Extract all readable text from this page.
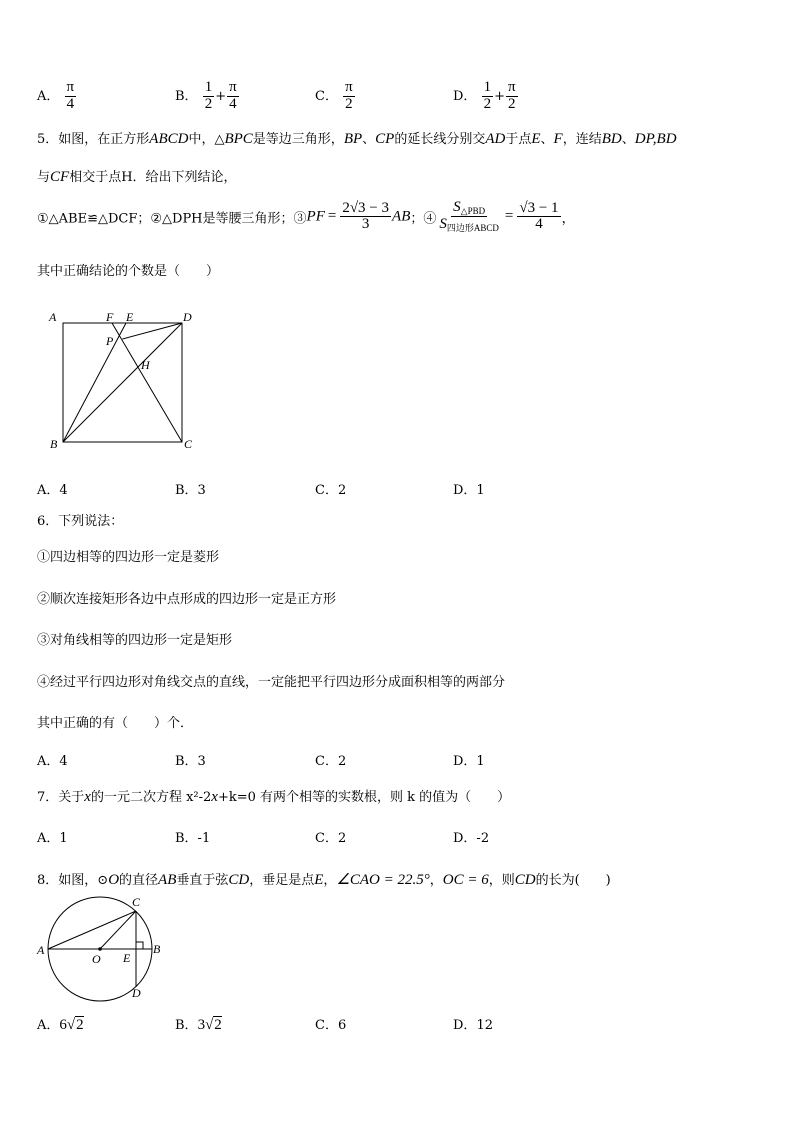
A． $\frac{\pi}{4}$	B． $\frac{1}{2} + \frac{\pi}{4}$	C． $\frac{\pi}{2}$	D． $\frac{1}{2} + \frac{\pi}{2}$
5．如图，在正方形ABCD中，△BPC是等边三角形，BP、CP的延长线分别交AD于点E、F，连结BD、DP,BD
与CF相交于点H．给出下列结论，
①△ABE≌△DCF；②△DPH是等腰三角形；③PF = $\frac{2√3 - 3}{3}$ AB；④ $\frac{S_{\triangle PBD}}{S_{四边形ABCD}} = \frac{√3 - 1}{4}$ ，
其中正确结论的个数是（　　）
A	F E	D
P
H
B	C
A．4	B．3	C．2	D．1
6．下列说法：
①四边相等的四边形一定是菱形
②顺次连接矩形各边中点形成的四边形一定是正方形
③对角线相等的四边形一定是矩形
④经过平行四边形对角线交点的直线，一定能把平行四边形分成面积相等的两部分
其中正确的有（　　）个．
A．4	B．3	C．2	D．1
7．关于x的一元二次方程 x²-2x+k=0 有两个相等的实数根，则 k 的值为（　　）
A．1	B．-1	C．2	D．-2
8．如图，⊙O的直径AB垂直于弦CD，垂足是点E，∠CAO = 22.5°，OC = 6，则CD的长为(　　)
A
O E
B
C
D
A．6√2	B．3√2	C．6	D．12
